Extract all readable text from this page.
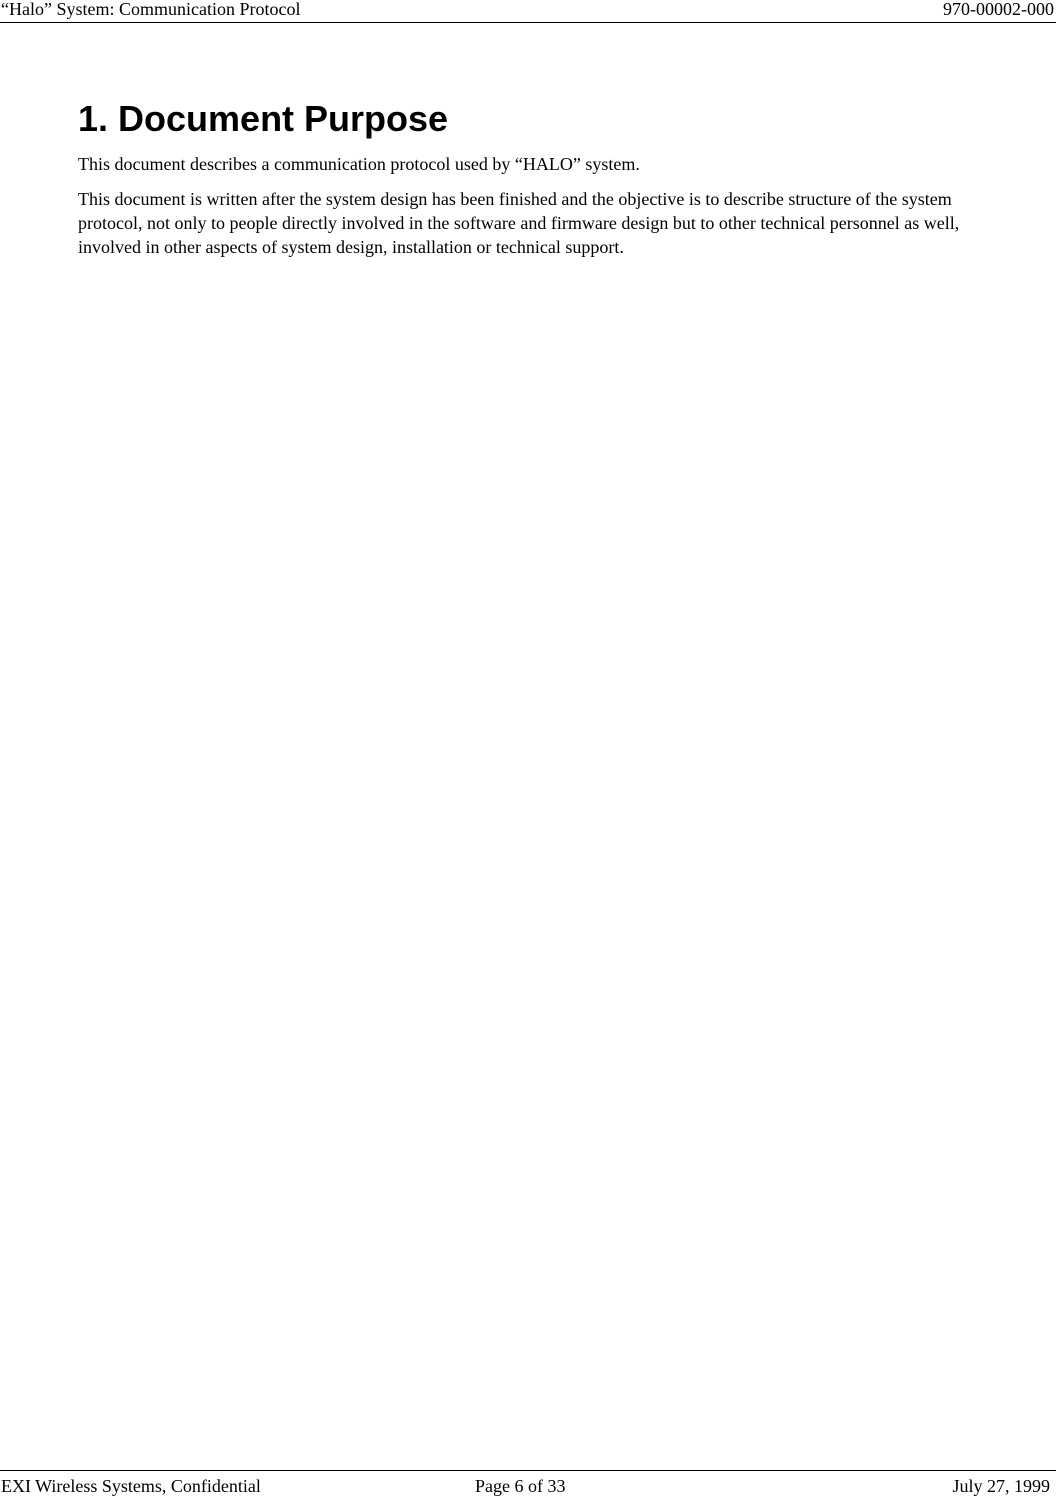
“Halo” System: Communication Protocol	970-00002-000
1. Document Purpose

This document describes a communication protocol used by “HALO” system.

This document is written after the system design has been finished and the objective is to describe structure of the system protocol, not only to people directly involved in the software and firmware design but to other technical personnel as well, involved in other aspects of system design, installation or technical support.

EXI Wireless Systems, Confidential	Page 6 of 33	July 27, 1999
